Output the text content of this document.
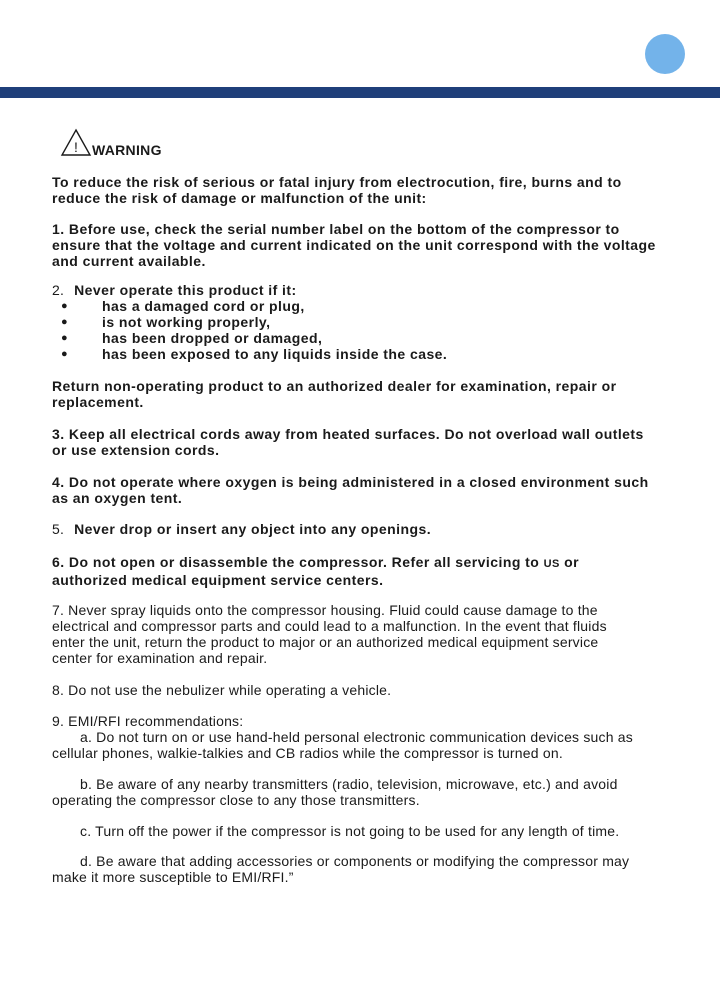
! WARNING
To reduce the risk of serious or fatal injury from electrocution, fire, burns and to
reduce the risk of damage or malfunction of the unit:
1. Before use, check the serial number label on the bottom of the compressor to
ensure that the voltage and current indicated on the unit correspond with the voltage
and current available.
2. Never operate this product if it:
● has a damaged cord or plug,
● is not working properly,
● has been dropped or damaged,
● has been exposed to any liquids inside the case.
Return non-operating product to an authorized dealer for examination, repair or
replacement.
3. Keep all electrical cords away from heated surfaces. Do not overload wall outlets
or use extension cords.
4. Do not operate where oxygen is being administered in a closed environment such
as an oxygen tent.
5. Never drop or insert any object into any openings.
6. Do not open or disassemble the compressor. Refer all servicing to US or
authorized medical equipment service centers.
7. Never spray liquids onto the compressor housing. Fluid could cause damage to the
electrical and compressor parts and could lead to a malfunction. In the event that fluids
enter the unit, return the product to major or an authorized medical equipment service
center for examination and repair.
8. Do not use the nebulizer while operating a vehicle.
9. EMI/RFI recommendations:
a. Do not turn on or use hand-held personal electronic communication devices such as
cellular phones, walkie-talkies and CB radios while the compressor is turned on.
b. Be aware of any nearby transmitters (radio, television, microwave, etc.) and avoid
operating the compressor close to any those transmitters.
c. Turn off the power if the compressor is not going to be used for any length of time.
d. Be aware that adding accessories or components or modifying the compressor may
make it more susceptible to EMI/RFI.”
